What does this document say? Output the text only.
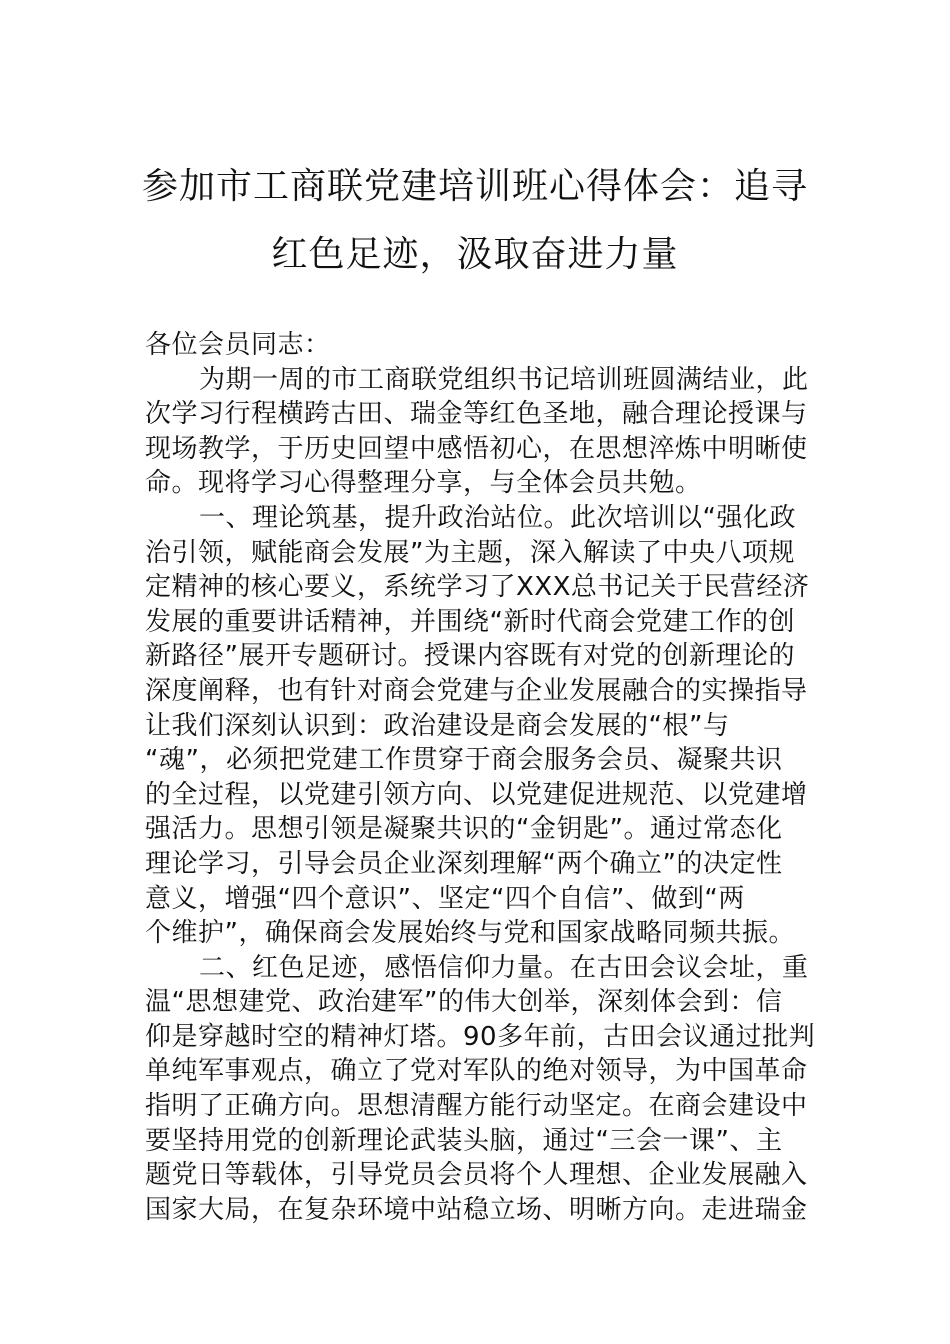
参加市工商联党建培训班心得体会：追寻
红色足迹，汲取奋进力量
各位会员同志：
为期一周的市工商联党组织书记培训班圆满结业，此
次学习行程横跨古田、瑞金等红色圣地，融合理论授课与
现场教学，于历史回望中感悟初心，在思想淬炼中明晰使
命。现将学习心得整理分享，与全体会员共勉。
一、理论筑基，提升政治站位。此次培训以“强化政
治引领，赋能商会发展”为主题，深入解读了中央八项规
定精神的核心要义，系统学习了XXX总书记关于民营经济
发展的重要讲话精神，并围绕“新时代商会党建工作的创
新路径”展开专题研讨。授课内容既有对党的创新理论的
深度阐释，也有针对商会党建与企业发展融合的实操指导
让我们深刻认识到：政治建设是商会发展的“根”与
“魂”，必须把党建工作贯穿于商会服务会员、凝聚共识
的全过程，以党建引领方向、以党建促进规范、以党建增
强活力。思想引领是凝聚共识的“金钥匙”。通过常态化
理论学习，引导会员企业深刻理解“两个确立”的决定性
意义，增强“四个意识”、坚定“四个自信”、做到“两
个维护”，确保商会发展始终与党和国家战略同频共振。
二、红色足迹，感悟信仰力量。在古田会议会址，重
温“思想建党、政治建军”的伟大创举，深刻体会到：信
仰是穿越时空的精神灯塔。90多年前，古田会议通过批判
单纯军事观点，确立了党对军队的绝对领导，为中国革命
指明了正确方向。思想清醒方能行动坚定。在商会建设中
要坚持用党的创新理论武装头脑，通过“三会一课”、主
题党日等载体，引导党员会员将个人理想、企业发展融入
国家大局，在复杂环境中站稳立场、明晰方向。走进瑞金
